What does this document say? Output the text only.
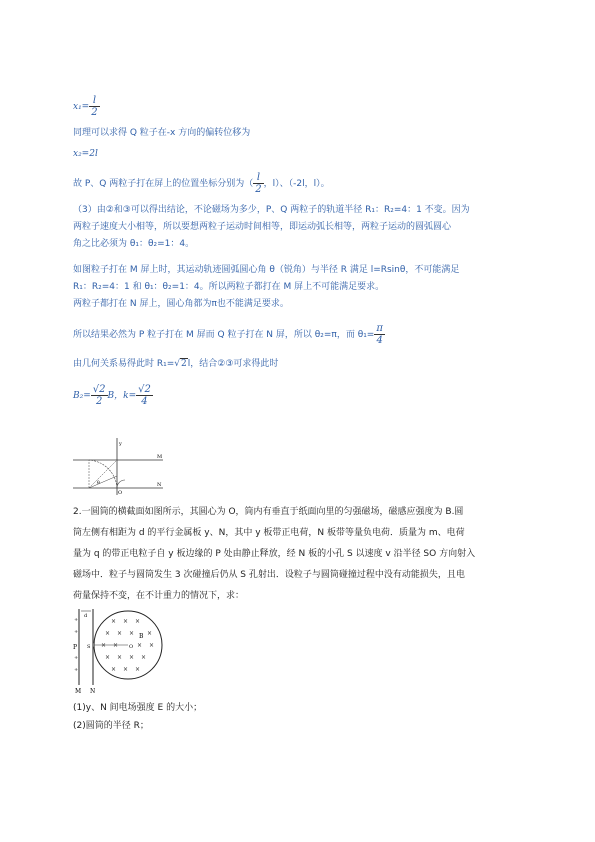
$x_1= \frac{l}{2}$
同理可以求得 Q 粒子在-x 方向的偏转位移为
x₂=2l
故 P、Q 两粒子打在屏上的位置坐标分别为（ $\frac{l}{2}$ ，l）、（-2l，l）。
（3）由②和③可以得出结论，不论磁场为多少，P、Q 两粒子的轨道半径 R₁：R₂=4：1 不变。因为
两粒子速度大小相等，所以要想两粒子运动时间相等，即运动弧长相等，两粒子运动的圆弧圆心
角之比必须为 θ₁：θ₂=1：4。
如图粒子打在 M 屏上时，其运动轨迹圆弧圆心角 θ（锐角）与半径 R 满足 l=Rsinθ，不可能满足
R₁：R₂=4：1 和 θ₁：θ₂=1：4。所以两粒子都打在 M 屏上不可能满足要求。
两粒子都打在 N 屏上，圆心角都为π也不能满足要求。
所以结果必然为 P 粒子打在 M 屏而 Q 粒子打在 N 屏，所以 θ₂=π，而 $\theta_1= \frac{\pi}{4}$
由几何关系易得此时 R₁=√2l，结合②③可求得此时
$B_2= \frac{√2}{2}$ B，$k= \frac{√2}{4}$
y
M
N
O
θ
2.一圆筒的横截面如图所示，其圆心为 O，筒内有垂直于纸面向里的匀强磁场，磁感应强度为 B.圆
筒左侧有相距为 d 的平行金属板 y、N，其中 y 板带正电荷，N 板带等量负电荷．质量为 m、电荷
量为 q 的带正电粒子自 y 板边缘的 P 处由静止释放，经 N 板的小孔 S 以速度 v 沿半径 SO 方向射入
磁场中．粒子与圆筒发生 3 次碰撞后仍从 S 孔射出．设粒子与圆筒碰撞过程中没有动能损失，且电
荷量保持不变，在不计重力的情况下，求：
d
+
+
+
+
P S
M N
O
B
× × ×
× × × ×
× ×	× ×
× × × ×
× × ×
(1)y、N 间电场强度 E 的大小；
(2)圆筒的半径 R；
